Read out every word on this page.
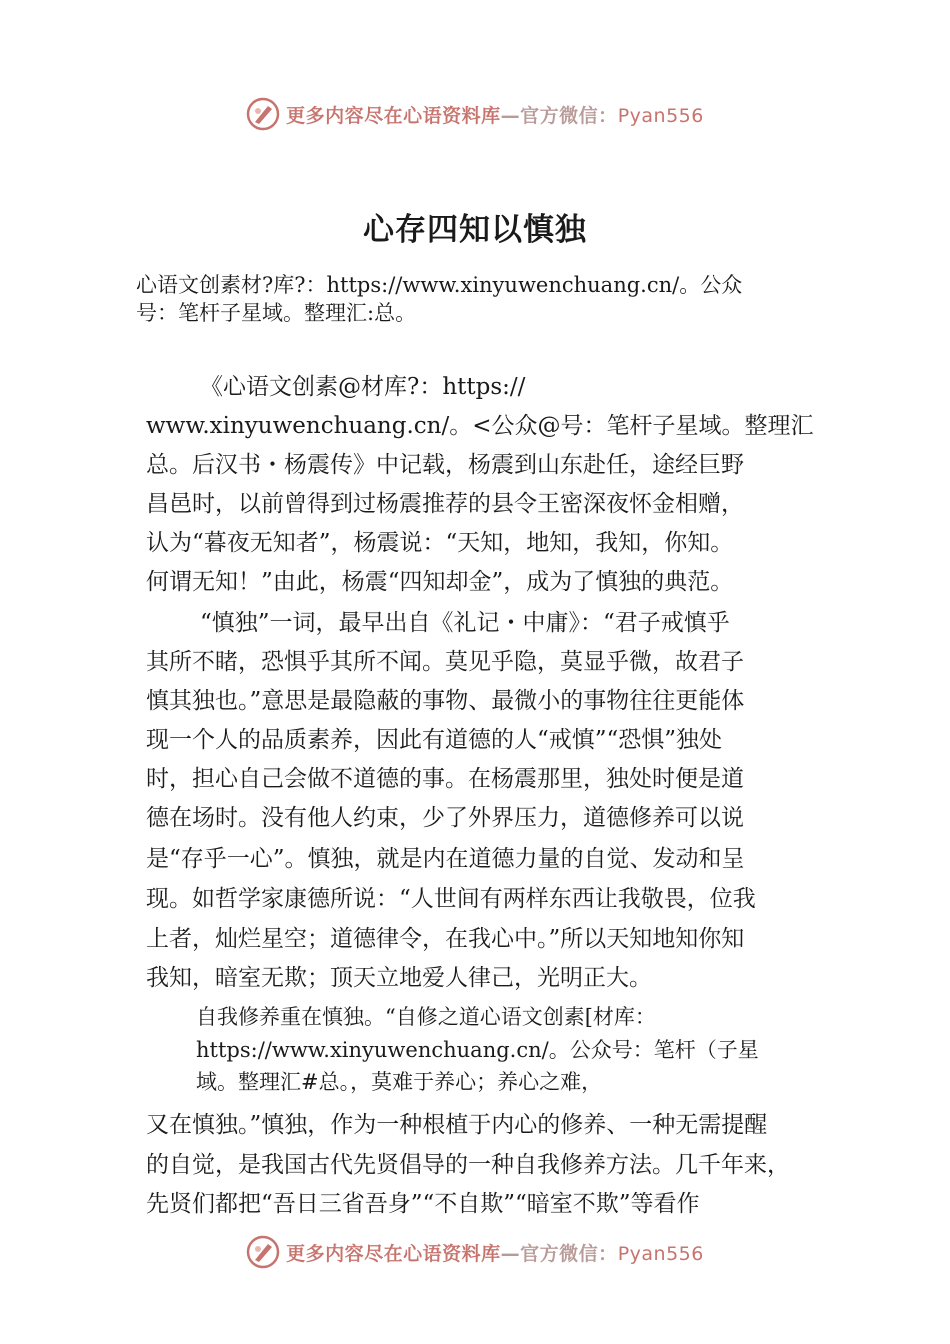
更多内容尽在心语资料库—官方微信：Pyan556
心存四知以慎独
心语文创素材?库?：https://www.xinyuwenchuang.cn/。公众
号：笔杆子星域。整理汇:总。
《心语文创素@材库?：https://
www.xinyuwenchuang.cn/。<公众@号：笔杆子星域。整理汇
总。后汉书・杨震传》中记载，杨震到山东赴任，途经巨野
昌邑时，以前曾得到过杨震推荐的县令王密深夜怀金相赠，
认为“暮夜无知者”，杨震说：“天知，地知，我知，你知。
何谓无知！”由此，杨震“四知却金”，成为了慎独的典范。
“慎独”一词，最早出自《礼记・中庸》：“君子戒慎乎
其所不睹，恐惧乎其所不闻。莫见乎隐，莫显乎微，故君子
慎其独也。”意思是最隐蔽的事物、最微小的事物往往更能体
现一个人的品质素养，因此有道德的人“戒慎”“恐惧”独处
时，担心自己会做不道德的事。在杨震那里，独处时便是道
德在场时。没有他人约束，少了外界压力，道德修养可以说
是“存乎一心”。慎独，就是内在道德力量的自觉、发动和呈
现。如哲学家康德所说：“人世间有两样东西让我敬畏，位我
上者，灿烂星空；道德律令，在我心中。”所以天知地知你知
我知，暗室无欺；顶天立地爱人律己，光明正大。
自我修养重在慎独。“自修之道心语文创素[材库：
https://www.xinyuwenchuang.cn/。公众号：笔杆（子星
域。整理汇#总。，莫难于养心；养心之难，
又在慎独。”慎独，作为一种根植于内心的修养、一种无需提醒
的自觉，是我国古代先贤倡导的一种自我修养方法。几千年来，
先贤们都把“吾日三省吾身”“不自欺”“暗室不欺”等看作
更多内容尽在心语资料库—官方微信：Pyan556
